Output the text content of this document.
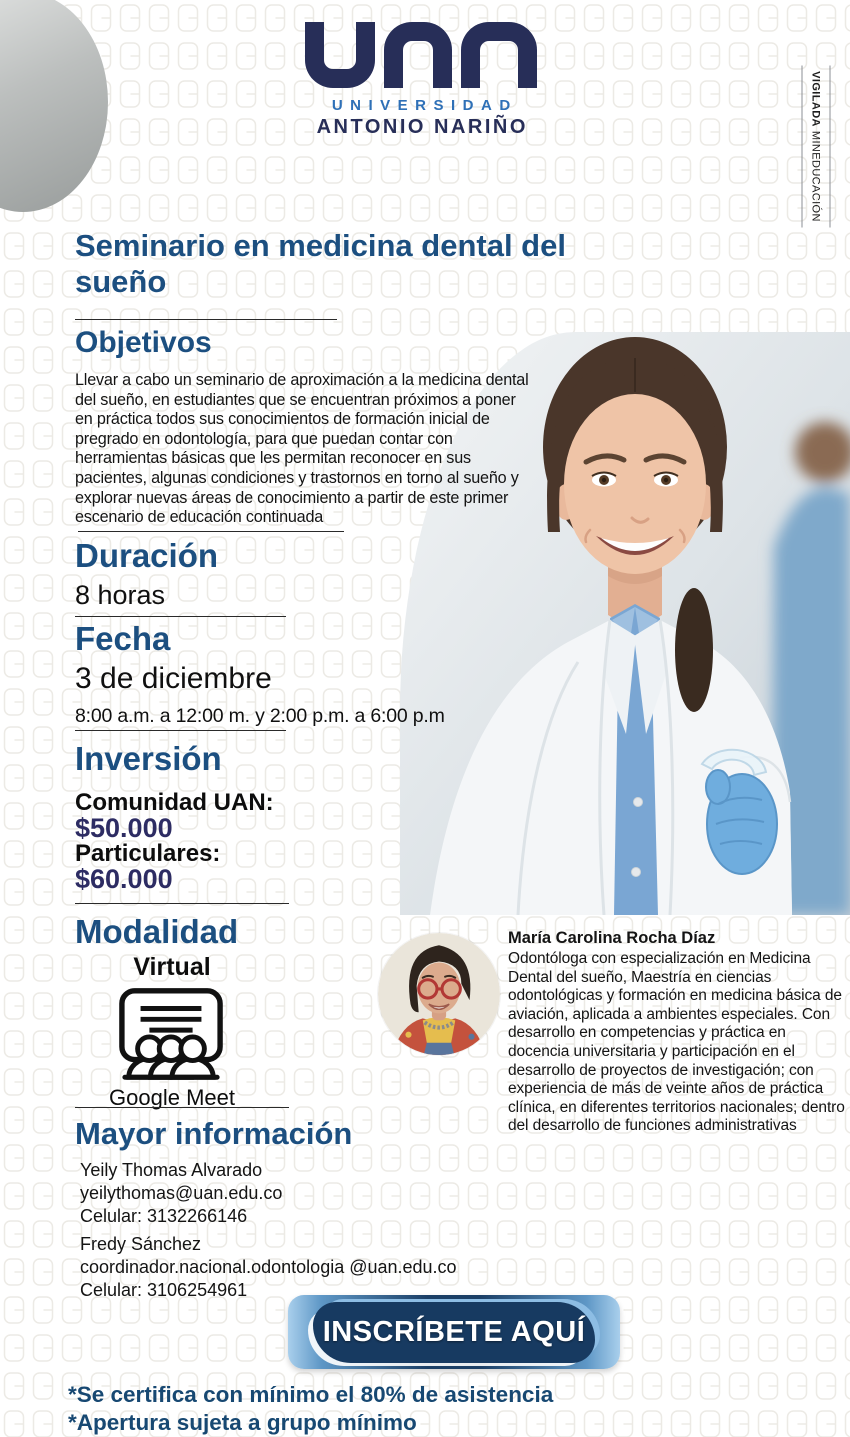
UNIVERSIDAD
ANTONIO NARIÑO
VIGILADA
MINEDUCACIÓN
Seminario en medicina dental del sueño
Objetivos
Llevar a cabo un seminario de aproximación a la medicina dental del sueño, en estudiantes que se encuentran próximos a poner en práctica todos sus conocimientos de formación inicial de pregrado en odontología, para que puedan contar con herramientas básicas que les permitan reconocer en sus pacientes, algunas condiciones y trastornos en torno al sueño y explorar nuevas áreas de conocimiento a partir de este primer escenario de educación continuada
Duración
8 horas
Fecha
3 de diciembre
8:00 a.m. a 12:00 m. y 2:00 p.m. a 6:00 p.m
Inversión
Comunidad UAN:
$50.000
Particulares:
$60.000
Modalidad
Virtual
Google Meet
Mayor información
Yeily Thomas Alvarado
yeilythomas@uan.edu.co
Celular: 3132266146
Fredy Sánchez
coordinador.nacional.odontologia @uan.edu.co
Celular: 3106254961
María Carolina Rocha Díaz
Odontóloga con especialización en Medicina Dental del sueño, Maestría en ciencias odontológicas y formación en medicina básica de aviación, aplicada a ambientes especiales. Con desarrollo en competencias y práctica en docencia universitaria y participación en el desarrollo de proyectos de investigación; con experiencia de más de veinte años de práctica clínica, en diferentes territorios nacionales; dentro del desarrollo de funciones administrativas
INSCRÍBETE AQUÍ
*Se certifica con mínimo el 80% de asistencia
*Apertura sujeta a grupo mínimo
